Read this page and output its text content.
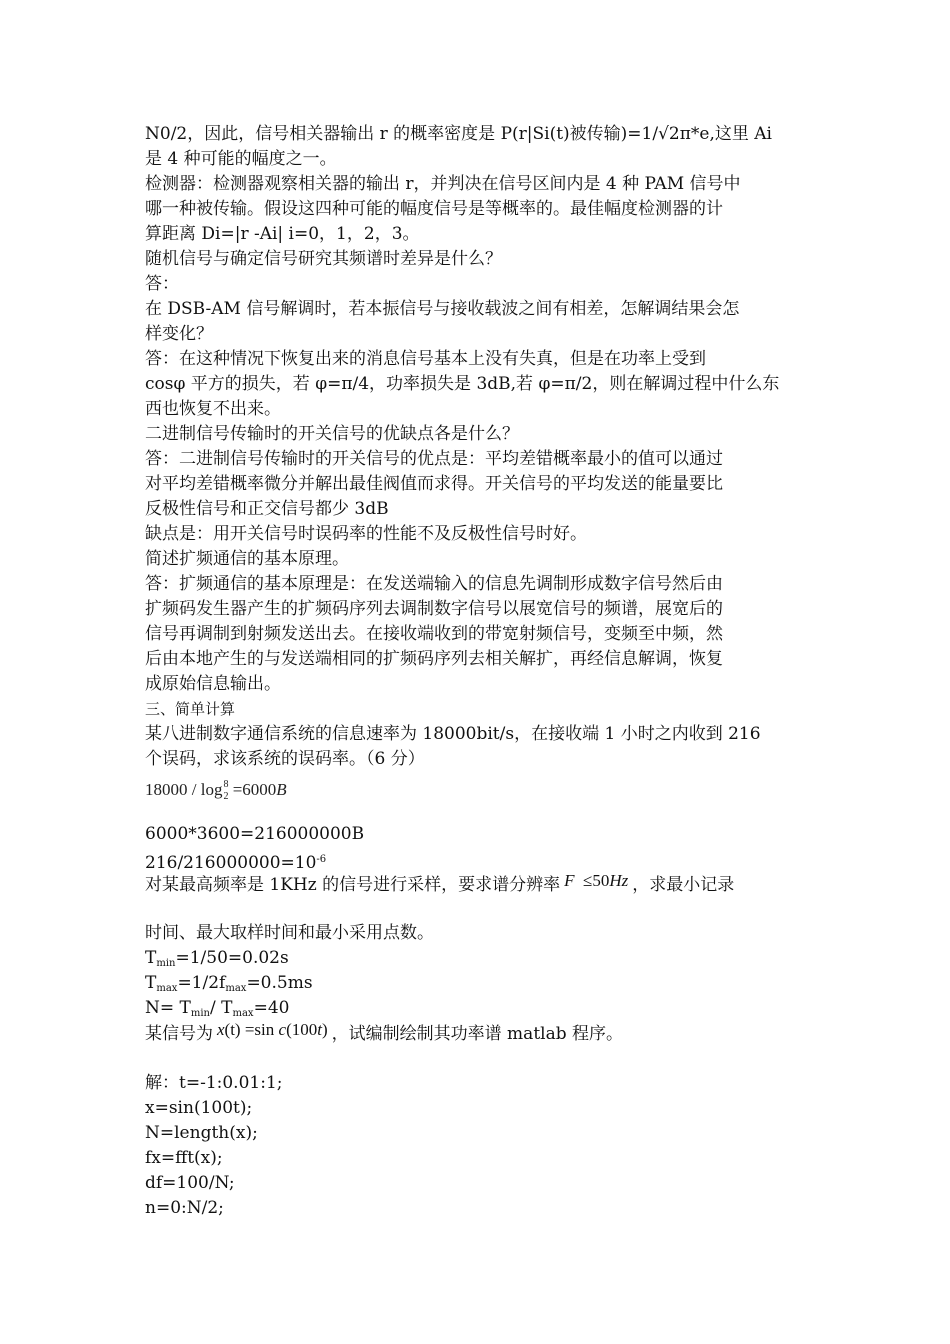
N0/2，因此，信号相关器输出 r 的概率密度是 P(r|Si(t)被传输)=1/√2π*e,这里 Ai
是 4 种可能的幅度之一。
检测器：检测器观察相关器的输出 r，并判决在信号区间内是 4 种 PAM 信号中
哪一种被传输。假设这四种可能的幅度信号是等概率的。最佳幅度检测器的计
算距离 Di=|r -Ai| i=0，1，2，3。
随机信号与确定信号研究其频谱时差异是什么？
答：
在 DSB-AM 信号解调时，若本振信号与接收载波之间有相差，怎解调结果会怎
样变化？
答：在这种情况下恢复出来的消息信号基本上没有失真，但是在功率上受到
cosφ 平方的损失，若 φ=π/4，功率损失是 3dB,若 φ=π/2，则在解调过程中什么东
西也恢复不出来。
二进制信号传输时的开关信号的优缺点各是什么？
答：二进制信号传输时的开关信号的优点是：平均差错概率最小的值可以通过
对平均差错概率微分并解出最佳阀值而求得。开关信号的平均发送的能量要比
反极性信号和正交信号都少 3dB
缺点是：用开关信号时误码率的性能不及反极性信号时好。
简述扩频通信的基本原理。
答：扩频通信的基本原理是：在发送端输入的信息先调制形成数字信号然后由
扩频码发生器产生的扩频码序列去调制数字信号以展宽信号的频谱，展宽后的
信号再调制到射频发送出去。在接收端收到的带宽射频信号，变频至中频，然
后由本地产生的与发送端相同的扩频码序列去相关解扩，再经信息解调，恢复
成原始信息输出。
三、简单计算
某八进制数字通信系统的信息速率为 18000bit/s，在接收端 1 小时之内收到 216
个误码，求该系统的误码率。（6 分）
$18000 / \log^8_2 =6000B$
6000*3600=216000000B
$216/216000000=10^{-6}$
对某最高频率是 1KHz 的信号进行采样，要求谱分辨率 F ≤50Hz ，求最小记录
时间、最大取样时间和最小采用点数。
$T_{min}=1/50=0.02s$
$T_{max}=1/2f_{max}=0.5ms$
$N= T_{min}/$ $T_{max}=40$
某信号为 x(t) =sin c(100t) ，试编制绘制其功率谱 matlab 程序。
解：t=-1:0.01:1;
x=sin(100t);
N=length(x);
fx=fft(x);
df=100/N;
n=0:N/2;
